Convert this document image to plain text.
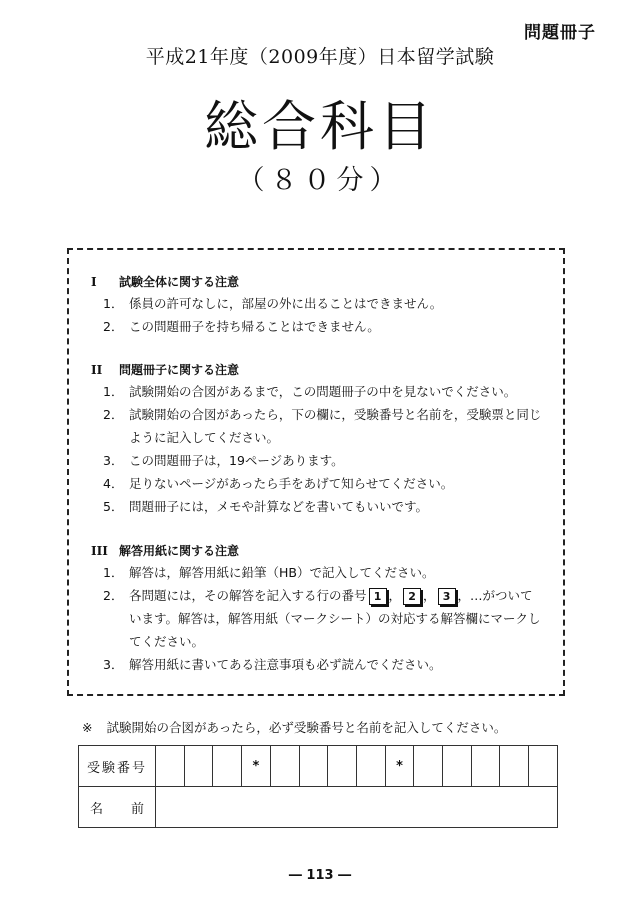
問題冊子
平成21年度（2009年度）日本留学試験
総合科目
（８０分）
I 試験全体に関する注意
1． 係員の許可なしに，部屋の外に出ることはできません。
2． この問題冊子を持ち帰ることはできません。
II 問題冊子に関する注意
1． 試験開始の合図があるまで，この問題冊子の中を見ないでください。
2． 試験開始の合図があったら，下の欄に，受験番号と名前を，受験票と同じように記入してください。
3． この問題冊子は，19ページあります。
4． 足りないページがあったら手をあげて知らせてください。
5． 問題冊子には，メモや計算などを書いてもいいです。
III 解答用紙に関する注意
1． 解答は，解答用紙に鉛筆（HB）で記入してください。
2． 各問題には，その解答を記入する行の番号 1 ， 2 ， 3 ，…がついています。解答は，解答用紙（マークシート）の対応する解答欄にマークしてください。
3． 解答用紙に書いてある注意事項も必ず読んでください。
※ 試験開始の合図があったら，必ず受験番号と名前を記入してください。
受験番号				*					*					
名 前														
― 113 ―
